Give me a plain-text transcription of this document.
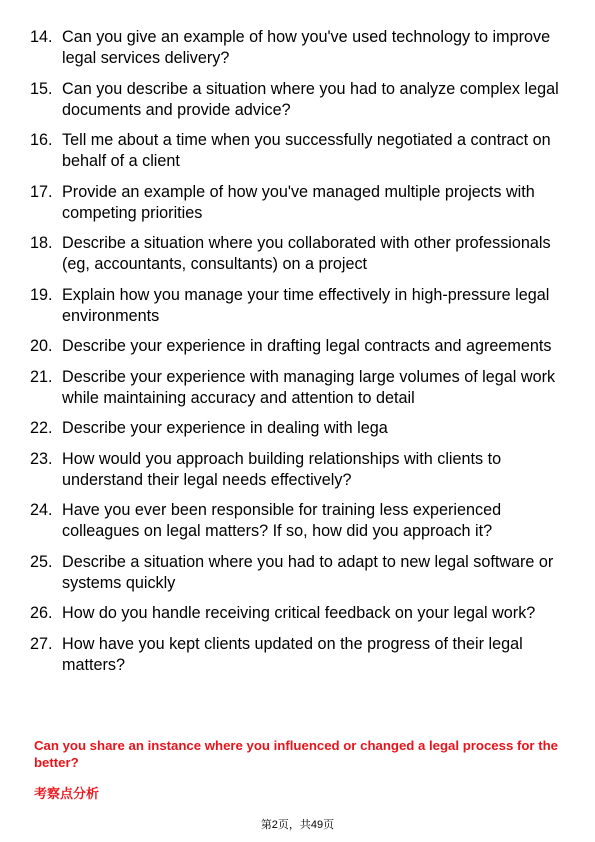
14. Can you give an example of how you've used technology to improve legal services delivery?
15. Can you describe a situation where you had to analyze complex legal documents and provide advice?
16. Tell me about a time when you successfully negotiated a contract on behalf of a client
17. Provide an example of how you've managed multiple projects with competing priorities
18. Describe a situation where you collaborated with other professionals (eg, accountants, consultants) on a project
19. Explain how you manage your time effectively in high-pressure legal environments
20. Describe your experience in drafting legal contracts and agreements
21. Describe your experience with managing large volumes of legal work while maintaining accuracy and attention to detail
22. Describe your experience in dealing with lega
23. How would you approach building relationships with clients to understand their legal needs effectively?
24. Have you ever been responsible for training less experienced colleagues on legal matters? If so, how did you approach it?
25. Describe a situation where you had to adapt to new legal software or systems quickly
26. How do you handle receiving critical feedback on your legal work?
27. How have you kept clients updated on the progress of their legal matters?
Can you share an instance where you influenced or changed a legal process for the better?
考察点分析
第2页，共49页
